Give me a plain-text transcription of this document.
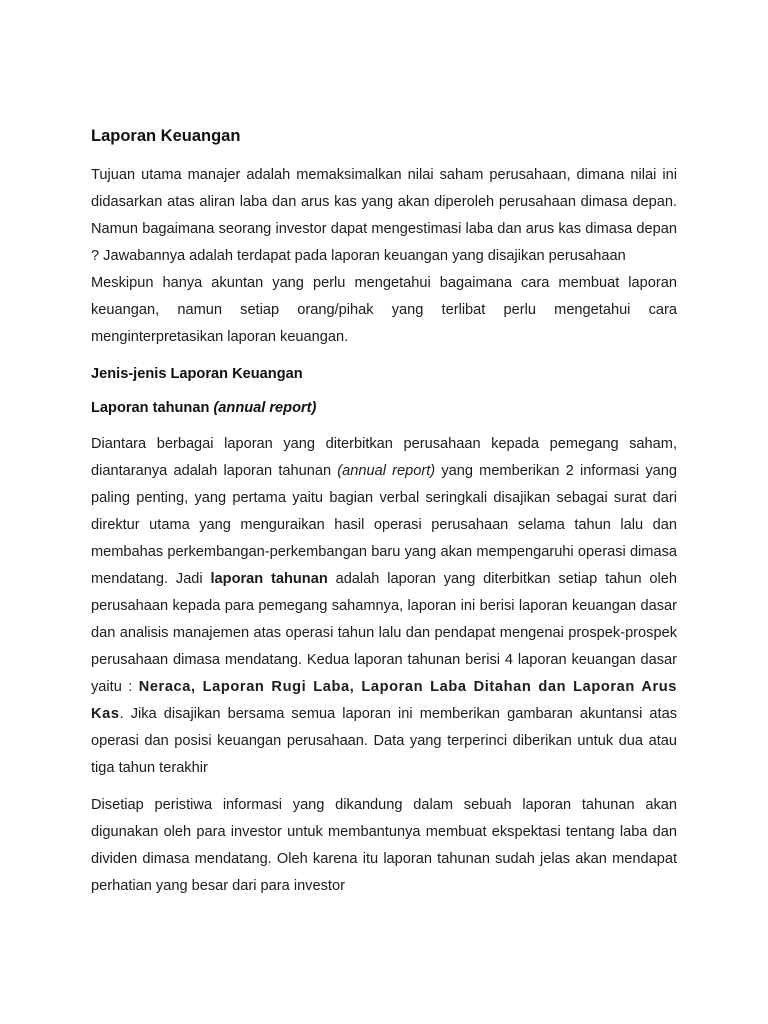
Laporan Keuangan

Tujuan utama manajer adalah memaksimalkan nilai saham perusahaan, dimana nilai ini didasarkan atas aliran laba dan arus kas yang akan diperoleh perusahaan dimasa depan. Namun bagaimana seorang investor dapat mengestimasi laba dan arus kas dimasa depan ? Jawabannya adalah terdapat pada laporan keuangan yang disajikan perusahaan

Meskipun hanya akuntan yang perlu mengetahui bagaimana cara membuat laporan keuangan, namun setiap orang/pihak yang terlibat perlu mengetahui cara menginterpretasikan laporan keuangan.

Jenis-jenis Laporan Keuangan
Laporan tahunan (annual report)

Diantara berbagai laporan yang diterbitkan perusahaan kepada pemegang saham, diantaranya adalah laporan tahunan (annual report) yang memberikan 2 informasi yang paling penting, yang pertama yaitu bagian verbal seringkali disajikan sebagai surat dari direktur utama yang menguraikan hasil operasi perusahaan selama tahun lalu dan membahas perkembangan-perkembangan baru yang akan mempengaruhi operasi dimasa mendatang. Jadi laporan tahunan adalah laporan yang diterbitkan setiap tahun oleh perusahaan kepada para pemegang sahamnya, laporan ini berisi laporan keuangan dasar dan analisis manajemen atas operasi tahun lalu dan pendapat mengenai prospek-prospek perusahaan dimasa mendatang. Kedua laporan tahunan berisi 4 laporan keuangan dasar yaitu : Neraca, Laporan Rugi Laba, Laporan Laba Ditahan dan Laporan Arus Kas. Jika disajikan bersama semua laporan ini memberikan gambaran akuntansi atas operasi dan posisi keuangan perusahaan. Data yang terperinci diberikan untuk dua atau tiga tahun terakhir

Disetiap peristiwa informasi yang dikandung dalam sebuah laporan tahunan akan digunakan oleh para investor untuk membantunya membuat ekspektasi tentang laba dan dividen dimasa mendatang. Oleh karena itu laporan tahunan sudah jelas akan mendapat perhatian yang besar dari para investor
